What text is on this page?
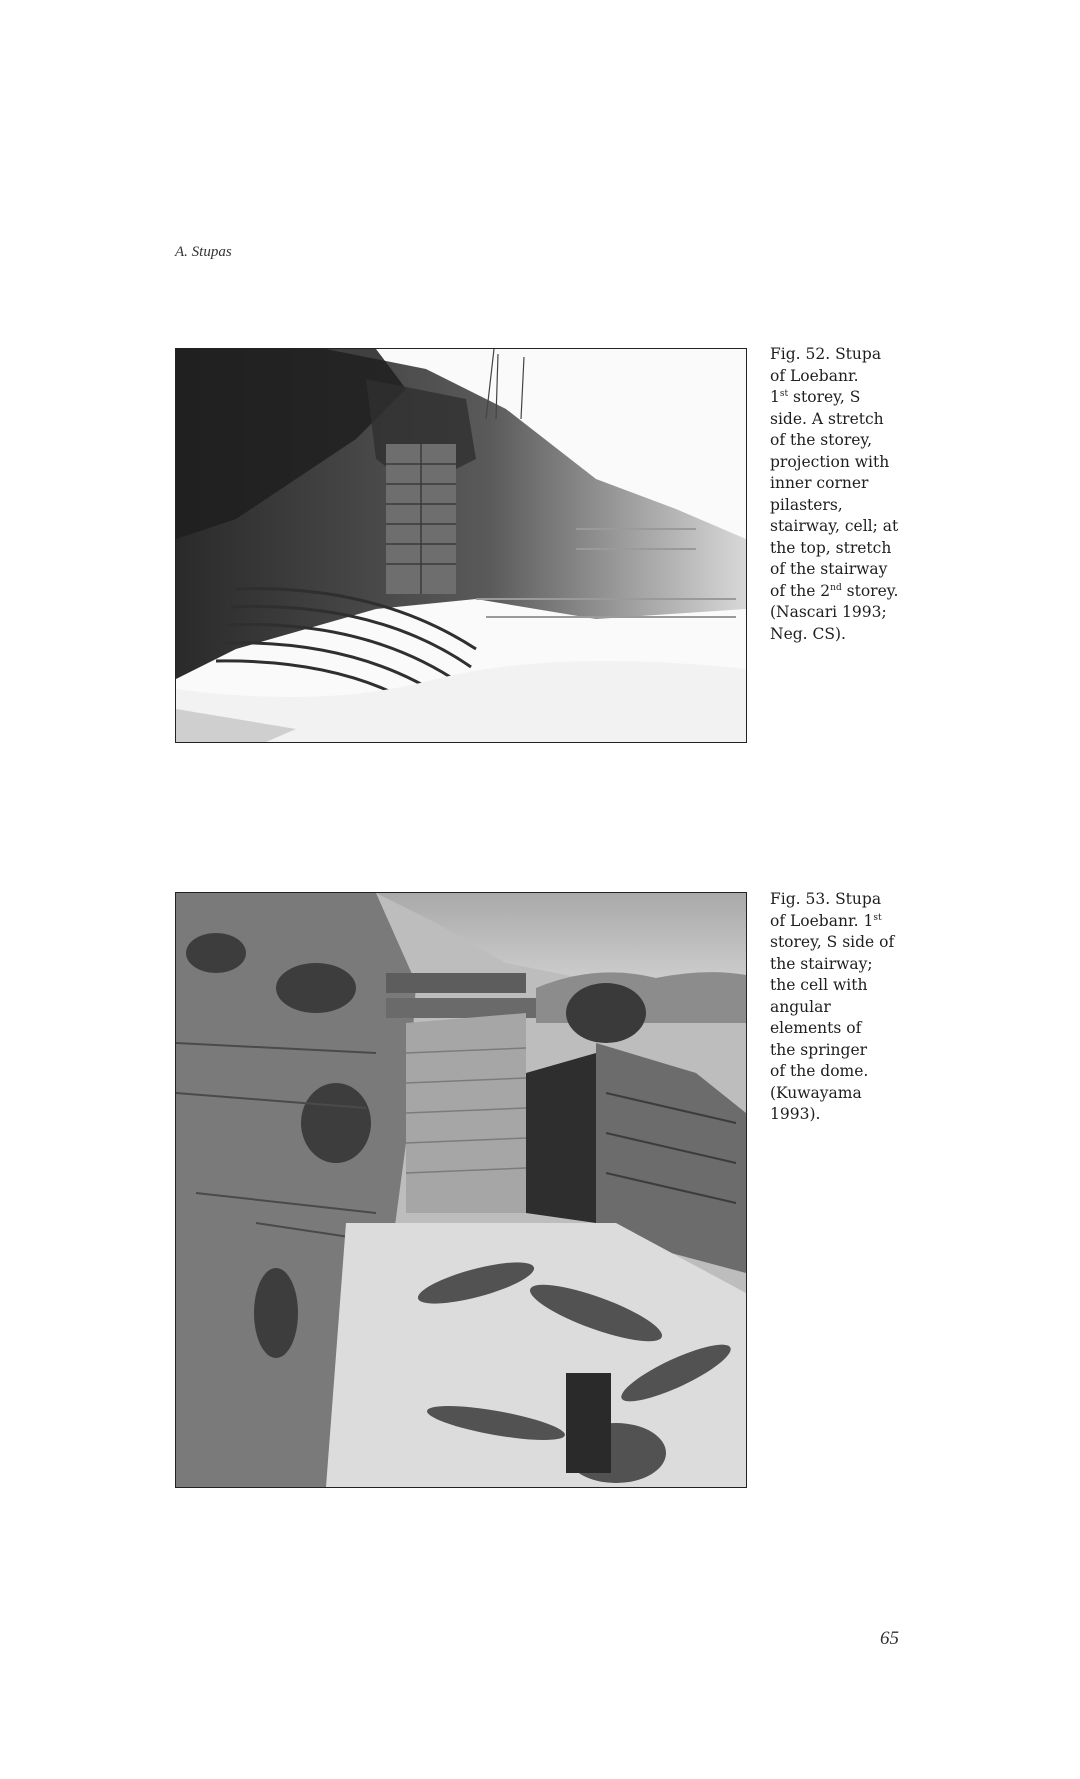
A. Stupas
Fig. 52. Stupa
of Loebanr.
1st storey, S
side. A stretch
of the storey,
projection with
inner corner
pilasters,
stairway, cell; at
the top, stretch
of the stairway
of the 2nd storey.
(Nascari 1993;
Neg. CS).
Fig. 53. Stupa
of Loebanr. 1st
storey, S side of
the stairway;
the cell with
angular
elements of
the springer
of the dome.
(Kuwayama
1993).
65
